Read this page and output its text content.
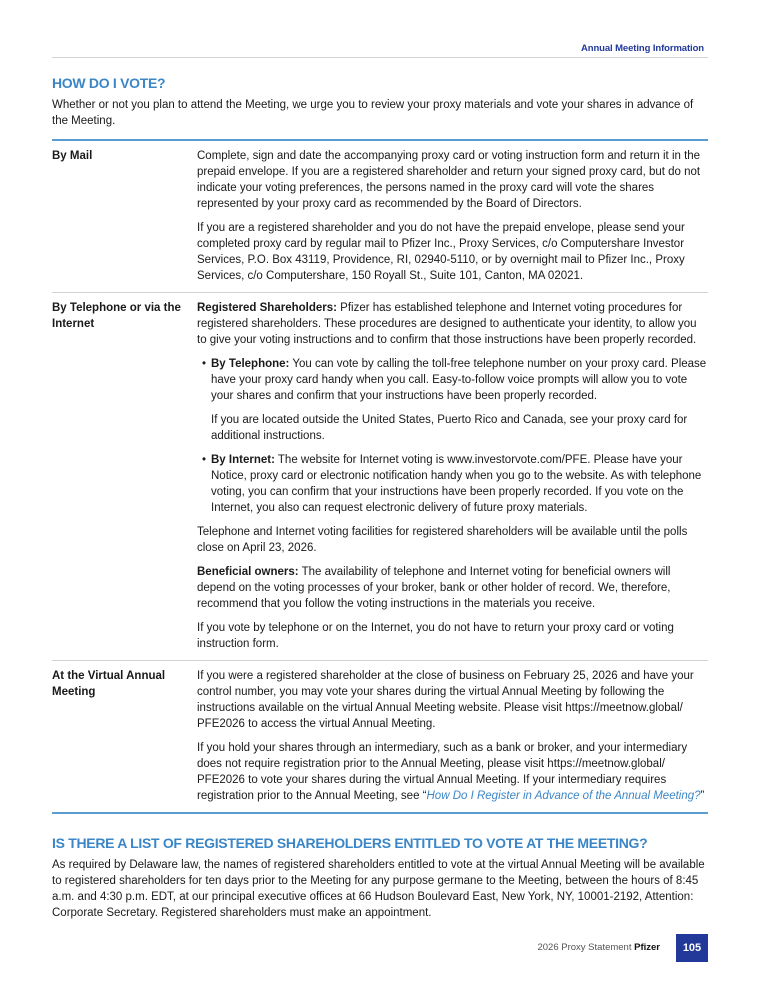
Annual Meeting Information
HOW DO I VOTE?

Whether or not you plan to attend the Meeting, we urge you to review your proxy materials and vote your shares in advance of the Meeting.

By Mail	Complete, sign and date the accompanying proxy card or voting instruction form and return it in the prepaid envelope. If you are a registered shareholder and return your signed proxy card, but do not indicate your voting preferences, the persons named in the proxy card will vote the shares represented by your proxy card as recommended by the Board of Directors.

If you are a registered shareholder and you do not have the prepaid envelope, please send your completed proxy card by regular mail to Pfizer Inc., Proxy Services, c/o Computershare Investor Services, P.O. Box 43119, Providence, RI, 02940-5110, or by overnight mail to Pfizer Inc., Proxy Services, c/o Computershare, 150 Royall St., Suite 101, Canton, MA 02021.

By Telephone or via the Internet

Registered Shareholders: Pfizer has established telephone and Internet voting procedures for registered shareholders. These procedures are designed to authenticate your identity, to allow you to give your voting instructions and to confirm that those instructions have been properly recorded.

• By Telephone: You can vote by calling the toll-free telephone number on your proxy card. Please have your proxy card handy when you call. Easy-to-follow voice prompts will allow you to vote your shares and confirm that your instructions have been properly recorded.

If you are located outside the United States, Puerto Rico and Canada, see your proxy card for additional instructions.

• By Internet: The website for Internet voting is www.investorvote.com/PFE. Please have your Notice, proxy card or electronic notification handy when you go to the website. As with telephone voting, you can confirm that your instructions have been properly recorded. If you vote on the Internet, you also can request electronic delivery of future proxy materials.

Telephone and Internet voting facilities for registered shareholders will be available until the polls close on April 23, 2026.

Beneficial owners: The availability of telephone and Internet voting for beneficial owners will depend on the voting processes of your broker, bank or other holder of record. We, therefore, recommend that you follow the voting instructions in the materials you receive.

If you vote by telephone or on the Internet, you do not have to return your proxy card or voting instruction form.

At the Virtual Annual Meeting

If you were a registered shareholder at the close of business on February 25, 2026 and have your control number, you may vote your shares during the virtual Annual Meeting by following the instructions available on the virtual Annual Meeting website. Please visit https://meetnow.global/ PFE2026 to access the virtual Annual Meeting.

If you hold your shares through an intermediary, such as a bank or broker, and your intermediary does not require registration prior to the Annual Meeting, please visit https://meetnow.global/ PFE2026 to vote your shares during the virtual Annual Meeting. If your intermediary requires registration prior to the Annual Meeting, see “How Do I Register in Advance of the Annual Meeting?”

IS THERE A LIST OF REGISTERED SHAREHOLDERS ENTITLED TO VOTE AT THE MEETING?

As required by Delaware law, the names of registered shareholders entitled to vote at the virtual Annual Meeting will be available to registered shareholders for ten days prior to the Meeting for any purpose germane to the Meeting, between the hours of 8:45 a.m. and 4:30 p.m. EDT, at our principal executive offices at 66 Hudson Boulevard East, New York, NY, 10001-2192, Attention: Corporate Secretary. Registered shareholders must make an appointment.

2026 Proxy Statement Pfizer	105
